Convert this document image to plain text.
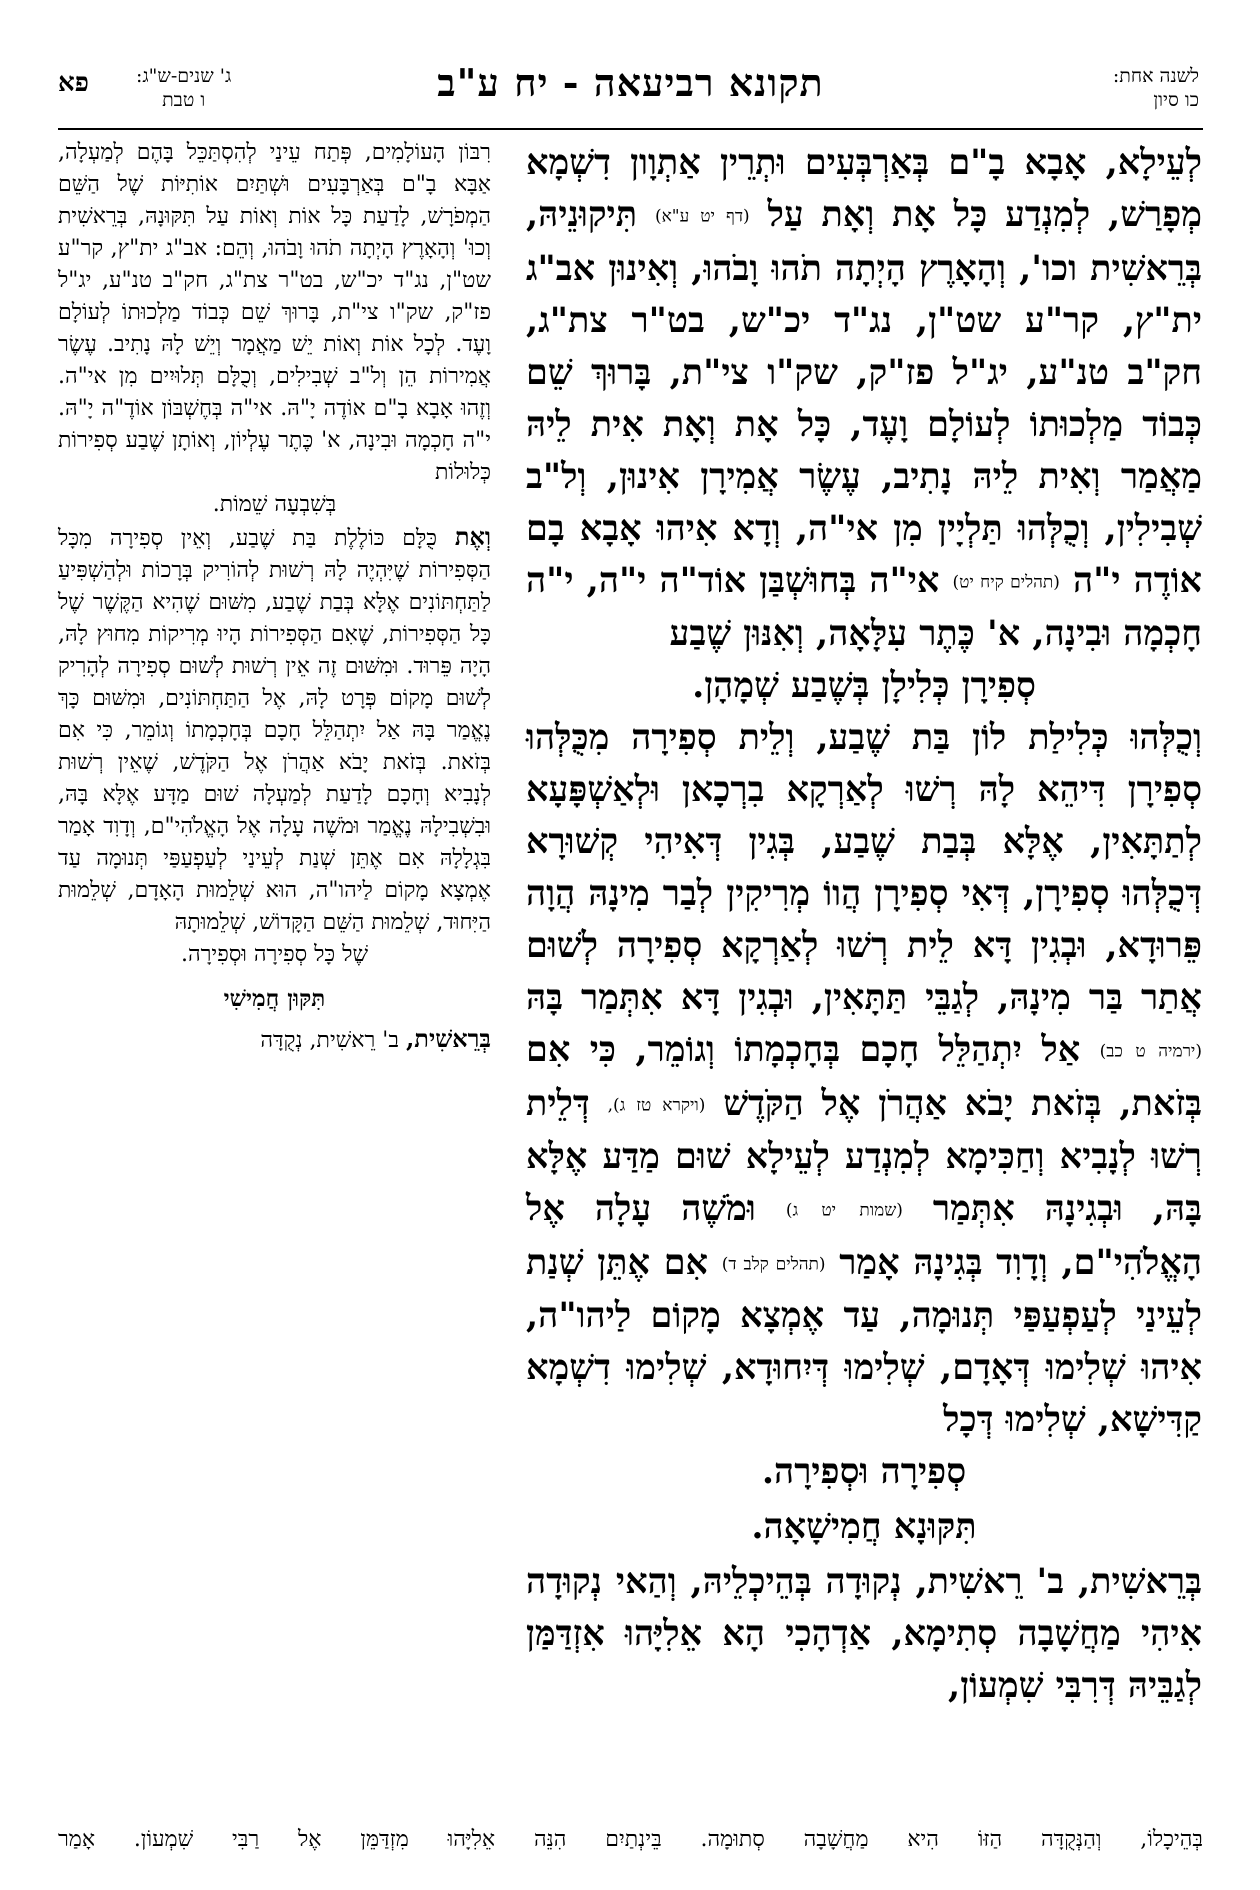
לשנה אחת:
כו סיון
תקונא רביעאה - יח ע"ב
ג' שנים-ש"ג:
ו טבת
פא

לְעֵילָא, אָבָא בָ"ם בְּאַרְבְּעִים וּתְרֵין אַתְוָון דִשְׁמָא מְפָרַשׁ, לְמִנְדַע כָּל אָת וְאָת עַל (דף יט ע"א) תִּיקוּנֵיהּ, בְּרֵאשִׁית וכו', וְהָאָרֶץ הָיְתָה תֹהוּ וָבֹהוּ, וְאִינוּן אב"ג ית"ץ, קר"ע שט"ן, נג"ד יכ"ש, בט"ר צת"ג, חק"ב טנ"ע, יג"ל פז"ק, שק"ו צי"ת, בָּרוּךְ שֵׁם כְּבוֹד מַלְכוּתוֹ לְעוֹלָם וָעֶד, כָּל אָת וְאָת אִית לֵיהּ מַאֲמַר וְאִית לֵיהּ נָתִיב, עֶשֶׂר אֲמִירָן אִינוּן, וְל"ב שְׁבִילִין, וְכֻלְּהוּ תַּלְיָין מִן אי"ה, וְדָא אִיהוּ אָבָא בָם אוֹדֶה י"ה (תהלים קיח יט) אי"ה בְּחוּשְׁבַּן אוֹד"ה י"ה, י"ה חָכְמָה וּבִינָה, א' כֶּתֶר עִלָּאָה, וְאִנּוּן שֶׁבַע

סְפִירָן כְּלִילָן בְּשֶׁבַע שְׁמָהָן.

וְכֻלְּהוּ כְּלִילַת לוֹן בַּת שֶׁבַע, וְלֵית סְפִירָה מִכֻּלְּהוּ סְפִירָן דִּיהֵא לָהּ רְשׁוּ לְאַרְקָא בִרְכָאן וּלְאַשְׁפָּעָא לְתַתָּאִין, אֶלָּא בְּבַת שֶׁבַע, בְּגִין דְּאִיהִי קְשׁוּרָא דְּכֻלְּהוּ סְפִירָן, דְּאִי סְפִירָן הֲווֹ מְרִיקִין לְבַר מִינָהּ הֲוָה פֵּרוּדָא, וּבְגִין דָּא לֵית רְשׁוּ לְאַרְקָא סְפִירָה לְשׁוּם אֲתַר בַּר מִינָהּ, לְגַבֵּי תַּתָּאִין, וּבְגִין דָּא אִתְּמַר בָּהּ (ירמיה ט כב) אַל יִתְהַלֵּל חָכָם בְּחָכְמָתוֹ וְגוֹמֵר, כִּי אִם בְּזֹאת, בְּזֹאת יָבֹא אַהֲרֹן אֶל הַקֹּדֶשׁ (ויקרא טז ג), דְּלֵית רְשׁוּ לְנָבִיא וְחַכִּימָא לְמִנְדַע לְעֵילָא שׁוּם מַדַּע אֶלָּא בָּהּ, וּבְגִינָהּ אִתְּמַר (שמות יט ג) וּמֹשֶׁה עָלָה אֶל הָאֱלֹהִי"ם, וְדָוִד בְּגִינָהּ אָמַר (תהלים קלב ד) אִם אֶתֵּן שְׁנַת לְעֵינַי לְעַפְעַפַּי תְּנוּמָה, עַד אֶמְצָא מָקוֹם לַיהו"ה, אִיהוּ שְׁלִימוּ דְּאָדָם, שְׁלִימוּ דְּיִחוּדָא, שְׁלִימוּ דִשְׁמָא קַדִּישָׁא, שְׁלִימוּ דְּכָל

סְפִירָה וּסְפִירָה.

תִּקּוּנָא חֲמִישָׁאָה.

בְּרֵאשִׁית, ב' רֵאשִׁית, נְקוּדָה בְּהֵיכְלֵיהּ, וְהַאי נְקוּדָה אִיהִי מַחֲשָׁבָה סְתִימָא, אַדְהָכִי הָא אֵלִיָּהוּ אִזְדַּמַּן לְגַבֵּיהּ דְּרִבִּי שִׁמְעוֹן,

רִבּוֹן הָעוֹלָמִים, פְּתַח עֵינַי לְהִסְתַּכֵּל בָּהֶם לְמַעְלָה, אַבָּא בָ"ם בְּאַרְבָּעִים וּשְׁתַּיִם אוֹתִיּוֹת שֶׁל הַשֵּׁם הַמְפֹרָשׁ, לָדַעַת כָּל אוֹת וְאוֹת עַל תִּקּוּנָהּ, בְּרֵאשִׁית וְכוּ' וְהָאָרֶץ הָיְתָה תֹהוּ וָבֹהוּ, וְהֵם: אב"ג ית"ץ, קר"ע שט"ן, נג"ד יכ"ש, בט"ר צת"ג, חק"ב טנ"ע, יג"ל פז"ק, שק"ו צי"ת, בָּרוּךְ שֵׁם כְּבוֹד מַלְכוּתוֹ לְעוֹלָם וָעֶד. לְכָל אוֹת וְאוֹת יֵשׁ מַאֲמָר וְיֵשׁ לָהּ נָתִיב. עֶשֶׂר אֲמִירוֹת הֵן וְל"ב שְׁבִילִים, וְכֻלָּם תְּלוּיִים מִן אי"ה. וְזֶהוּ אָבָא בָ"ם אוֹדֶה יָ"הּ. אי"ה בְּחֶשְׁבּוֹן אוֹדֶ"ה יָ"הּ. י"ה חָכְמָה וּבִינָה, א' כֶּתֶר עֶלְיוֹן, וְאוֹתָן שֶׁבַע סְפִירוֹת כְּלוּלוֹת

בְּשִׁבְעָה שֵׁמוֹת.

וְאֶת כֻּלָּם כּוֹלֶלֶת בַּת שֶׁבַע, וְאֵין סְפִירָה מִכָּל הַסְּפִירוֹת שֶׁיִּהְיֶה לָהּ רְשׁוּת לְהוֹרִיק בְּרָכוֹת וּלְהַשְׁפִּיעַ לַתַּחְתּוֹנִים אֶלָּא בְּבַת שֶׁבַע, מִשּׁוּם שֶׁהִיא הַקֶּשֶׁר שֶׁל כָּל הַסְּפִירוֹת, שֶׁאִם הַסְּפִירוֹת הָיוּ מְרִיקוֹת מִחוּץ לָהּ, הָיָה פֵּרוּד. וּמִשּׁוּם זֶה אֵין רְשׁוּת לְשׁוּם סְפִירָה לְהָרִיק לְשׁוּם מָקוֹם פְּרָט לָהּ, אֶל הַתַּחְתּוֹנִים, וּמִשּׁוּם כָּךְ נֶאֱמַר בָּהּ אַל יִתְהַלֵּל חָכָם בְּחָכְמָתוֹ וְגוֹמֵר, כִּי אִם בְּזֹאת. בְּזֹאת יָבֹא אַהֲרֹן אֶל הַקֹּדֶשׁ, שֶׁאֵין רְשׁוּת לְנָבִיא וְחָכָם לָדַעַת לְמַעְלָה שׁוּם מַדָּע אֶלָּא בָּהּ, וּבִשְׁבִילָהּ נֶאֱמַר וּמֹשֶׁה עָלָה אֶל הָאֱלֹהִי"ם, וְדָוִד אָמַר בִּגְלָלָהּ אִם אֶתֵּן שְׁנַת לְעֵינַי לְעַפְעַפַּי תְּנוּמָה עַד אֶמְצָא מָקוֹם לַיהו"ה, הוּא שְׁלֵמוּת הָאָדָם, שְׁלֵמוּת הַיִּחוּד, שְׁלֵמוּת הַשֵּׁם הַקָּדוֹשׁ, שְׁלֵמוּתָהּ

שֶׁל כָּל סְפִירָה וּסְפִירָה.

תִּקּוּן חֲמִישִׁי

בְּרֵאשִׁית, ב' רֵאשִׁית, נְקֻדָּה

בְּהֵיכָלוֹ, וְהַנְּקֻדָּה הַזּוֹ הִיא מַחֲשָׁבָה סְתוּמָה. בֵּינְתַיִם הִנֵּה אֵלִיָּהוּ מִזְדַּמֵּן אֶל רַבִּי שִׁמְעוֹן. אָמַר
